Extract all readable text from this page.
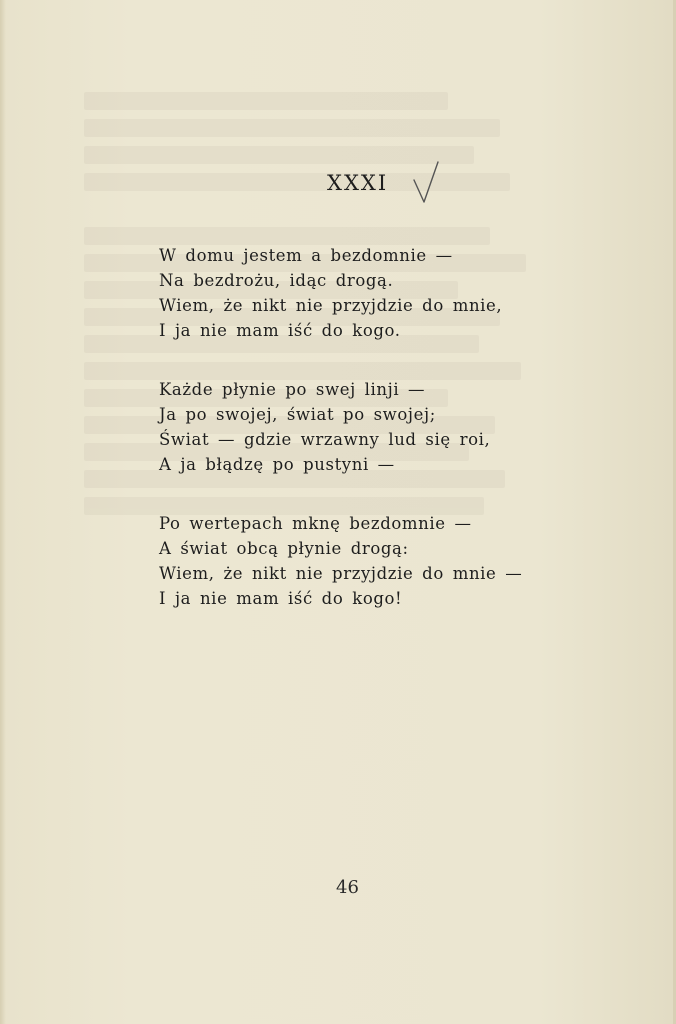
XXXI
W domu jestem a bezdomnie —
Na bezdrożu, idąc drogą.
Wiem, że nikt nie przyjdzie do mnie,
I ja nie mam iść do kogo.
Każde płynie po swej linji —
Ja po swojej, świat po swojej;
Świat — gdzie wrzawny lud się roi,
A ja błądzę po pustyni —
Po wertepach mknę bezdomnie —
A świat obcą płynie drogą:
Wiem, że nikt nie przyjdzie do mnie —
I ja nie mam iść do kogo!
46
